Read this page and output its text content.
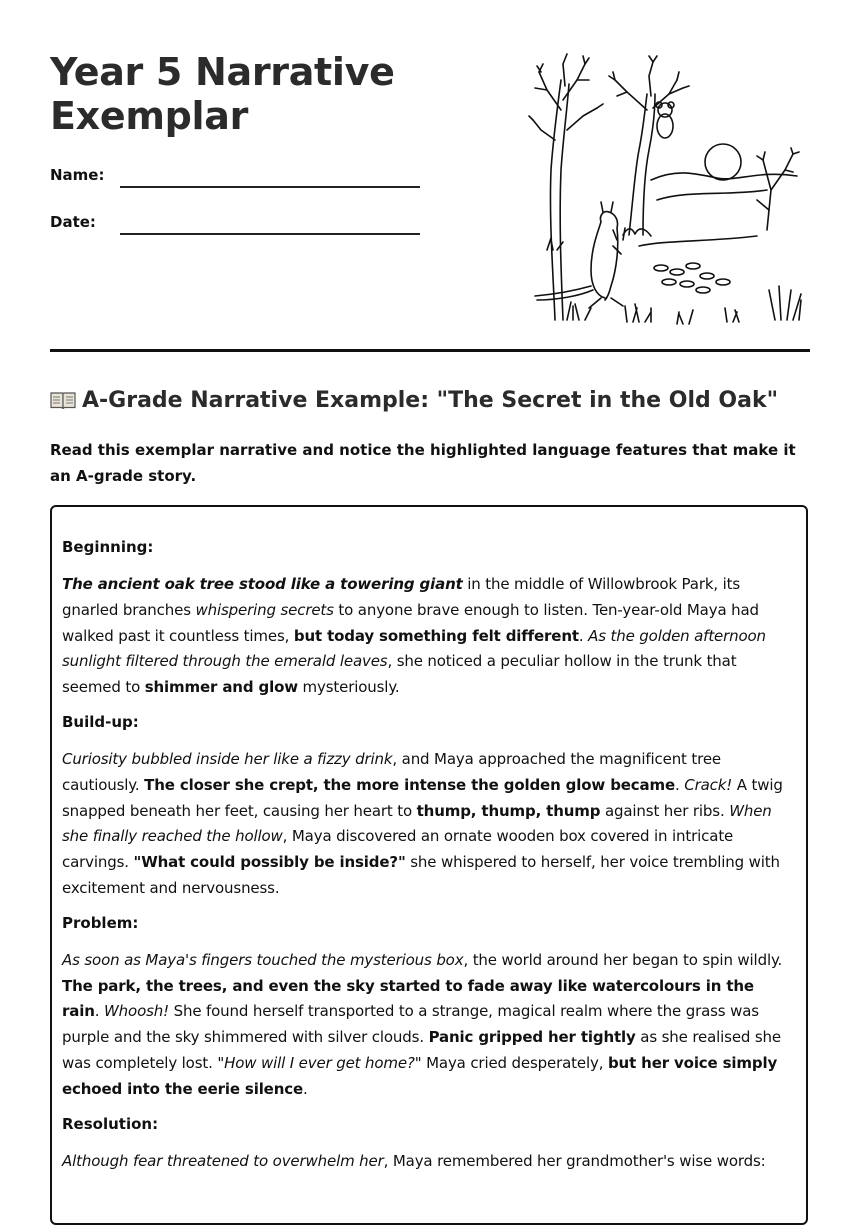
Year 5 Narrative Exemplar
Name:
Date:
A-Grade Narrative Example: "The Secret in the Old Oak"

Read this exemplar narrative and notice the highlighted language features that make it an A-grade story.

Beginning:

The ancient oak tree stood like a towering giant in the middle of Willowbrook Park, its gnarled branches whispering secrets to anyone brave enough to listen. Ten-year-old Maya had walked past it countless times, but today something felt different. As the golden afternoon sunlight filtered through the emerald leaves, she noticed a peculiar hollow in the trunk that seemed to shimmer and glow mysteriously.

Build-up:

Curiosity bubbled inside her like a fizzy drink, and Maya approached the magnificent tree cautiously. The closer she crept, the more intense the golden glow became. Crack! A twig snapped beneath her feet, causing her heart to thump, thump, thump against her ribs. When she finally reached the hollow, Maya discovered an ornate wooden box covered in intricate carvings. "What could possibly be inside?" she whispered to herself, her voice trembling with excitement and nervousness.

Problem:

As soon as Maya's fingers touched the mysterious box, the world around her began to spin wildly. The park, the trees, and even the sky started to fade away like watercolours in the rain. Whoosh! She found herself transported to a strange, magical realm where the grass was purple and the sky shimmered with silver clouds. Panic gripped her tightly as she realised she was completely lost. "How will I ever get home?" Maya cried desperately, but her voice simply echoed into the eerie silence.

Resolution:

Although fear threatened to overwhelm her, Maya remembered her grandmother's wise words:
